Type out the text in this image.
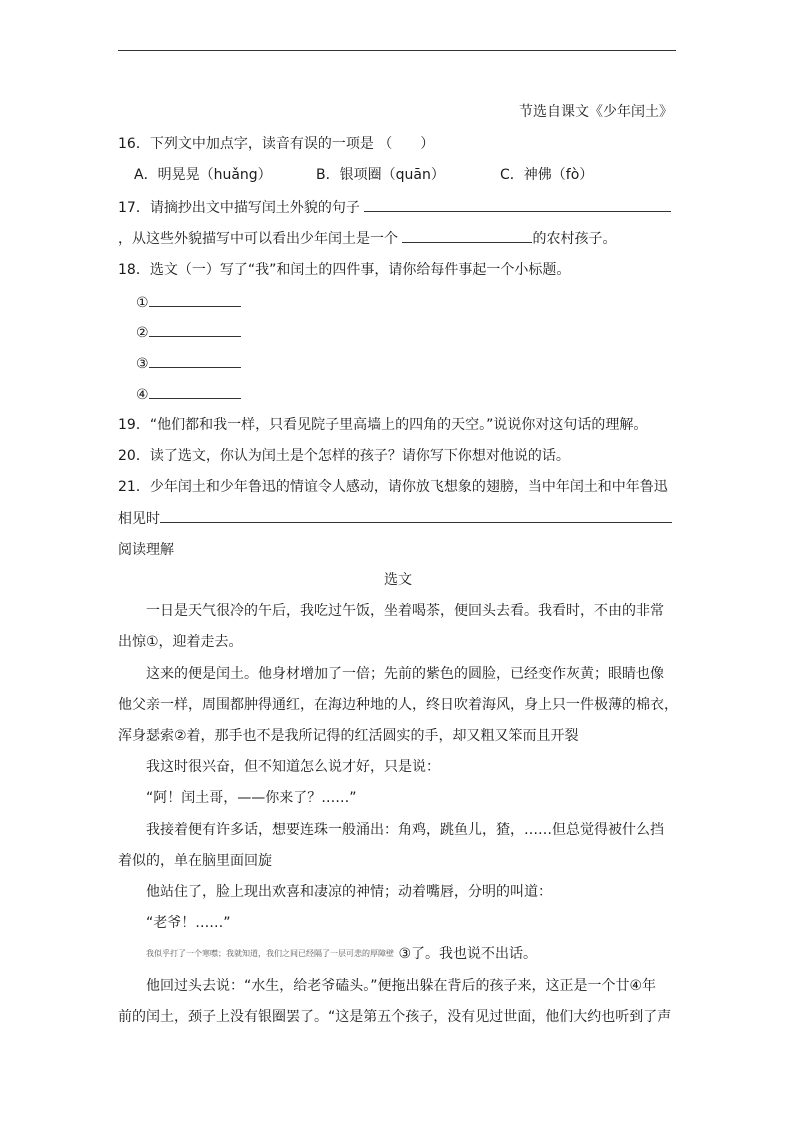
节选自课文《少年闰土》
16．下列文中加点字，读音有误的一项是 （　　）
A．明晃晃（huǎng）	B．银项圈（quān）	C．神佛（fò）
17．请摘抄出文中描写闰土外貌的句子
，从这些外貌描写中可以看出少年闰土是一个	的农村孩子。
18．选文（一）写了“我”和闰土的四件事，请你给每件事起一个小标题。
①
②
③
④
19．“他们都和我一样，只看见院子里高墙上的四角的天空。”说说你对这句话的理解。
20．读了选文，你认为闰土是个怎样的孩子？请你写下你想对他说的话。
21．少年闰土和少年鲁迅的情谊令人感动，请你放飞想象的翅膀，当中年闰土和中年鲁迅
相见时
阅读理解
选文
一日是天气很冷的午后，我吃过午饭，坐着喝茶，便回头去看。我看时，不由的非常
出惊①，迎着走去。
这来的便是闰土。他身材增加了一倍；先前的紫色的圆脸，已经变作灰黄；眼睛也像
他父亲一样，周围都肿得通红，在海边种地的人，终日吹着海风，身上只一件极薄的棉衣，
浑身瑟索②着，那手也不是我所记得的红活圆实的手，却又粗又笨而且开裂
我这时很兴奋，但不知道怎么说才好，只是说：
“阿！闰土哥，——你来了？……”
我接着便有许多话，想要连珠一般涌出：角鸡，跳鱼儿，猹，……但总觉得被什么挡
着似的，单在脑里面回旋
他站住了，脸上现出欢喜和凄凉的神情；动着嘴唇，分明的叫道：
“老爷！……”
我似乎打了一个寒噤；我就知道，我们之间已经隔了一层可悲的厚障壁 ③了。我也说不出话。
他回过头去说：“水生，给老爷磕头。”便拖出躲在背后的孩子来，这正是一个廿④年
前的闰土，颈子上没有银圈罢了。“这是第五个孩子，没有见过世面，他们大约也听到了声
